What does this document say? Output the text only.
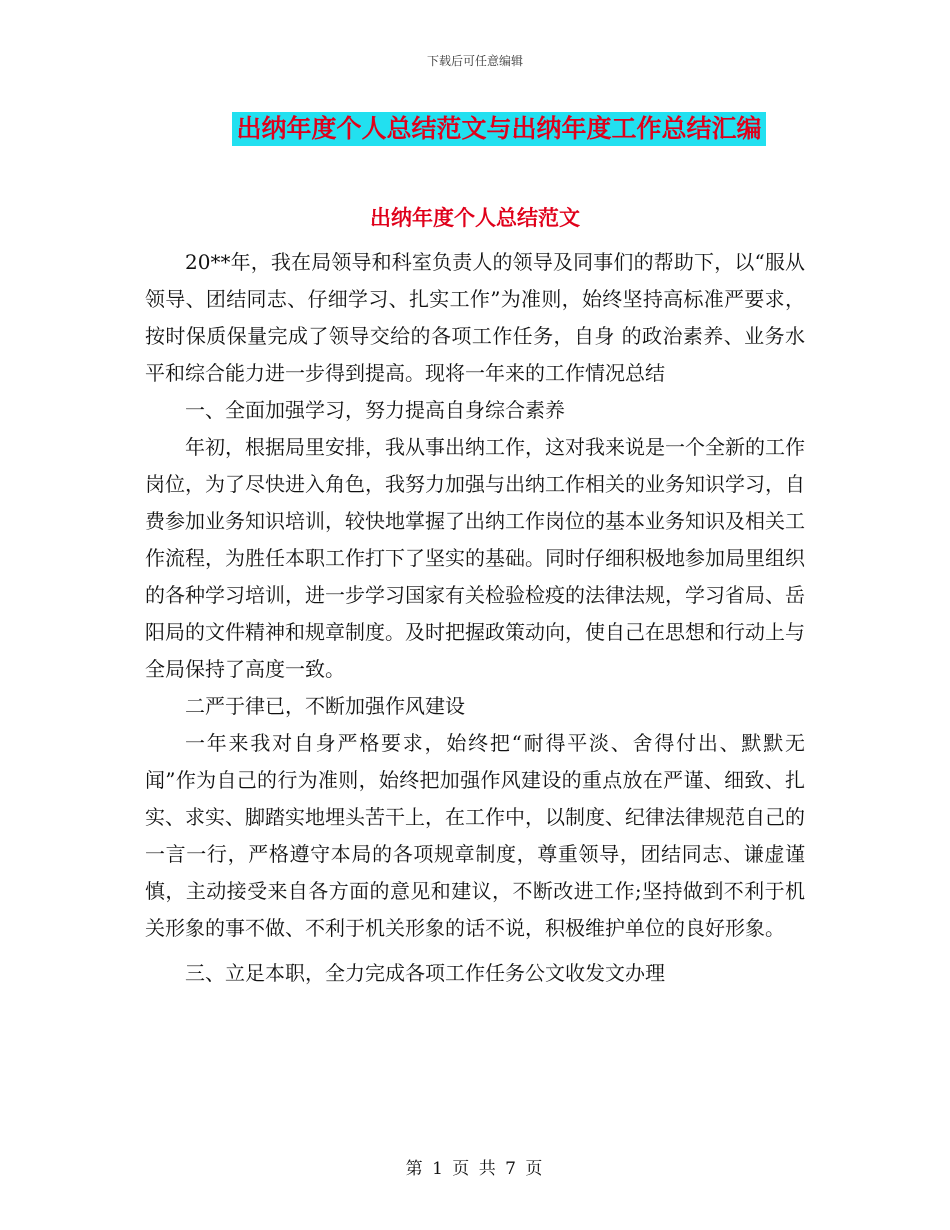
下载后可任意编辑
出纳年度个人总结范文与出纳年度工作总结汇编
出纳年度个人总结范文

20**年，我在局领导和科室负责人的领导及同事们的帮助下，以“服从领导、团结同志、仔细学习、扎实工作”为准则，始终坚持高标准严要求，按时保质保量完成了领导交给的各项工作任务，自身 的政治素养、业务水平和综合能力进一步得到提高。现将一年来的工作情况总结

一、全面加强学习，努力提高自身综合素养

年初，根据局里安排，我从事出纳工作，这对我来说是一个全新的工作岗位，为了尽快进入角色，我努力加强与出纳工作相关的业务知识学习，自费参加业务知识培训，较快地掌握了出纳工作岗位的基本业务知识及相关工作流程，为胜任本职工作打下了坚实的基础。同时仔细积极地参加局里组织的各种学习培训，进一步学习国家有关检验检疫的法律法规，学习省局、岳阳局的文件精神和规章制度。及时把握政策动向，使自己在思想和行动上与全局保持了高度一致。

二严于律已，不断加强作风建设

一年来我对自身严格要求，始终把“耐得平淡、舍得付出、默默无闻”作为自己的行为准则，始终把加强作风建设的重点放在严谨、细致、扎实、求实、脚踏实地埋头苦干上，在工作中，以制度、纪律法律规范自己的一言一行，严格遵守本局的各项规章制度，尊重领导，团结同志、谦虚谨慎，主动接受来自各方面的意见和建议，不断改进工作;坚持做到不利于机关形象的事不做、不利于机关形象的话不说，积极维护单位的良好形象。

三、立足本职，全力完成各项工作任务公文收发文办理

第 1 页 共 7 页
